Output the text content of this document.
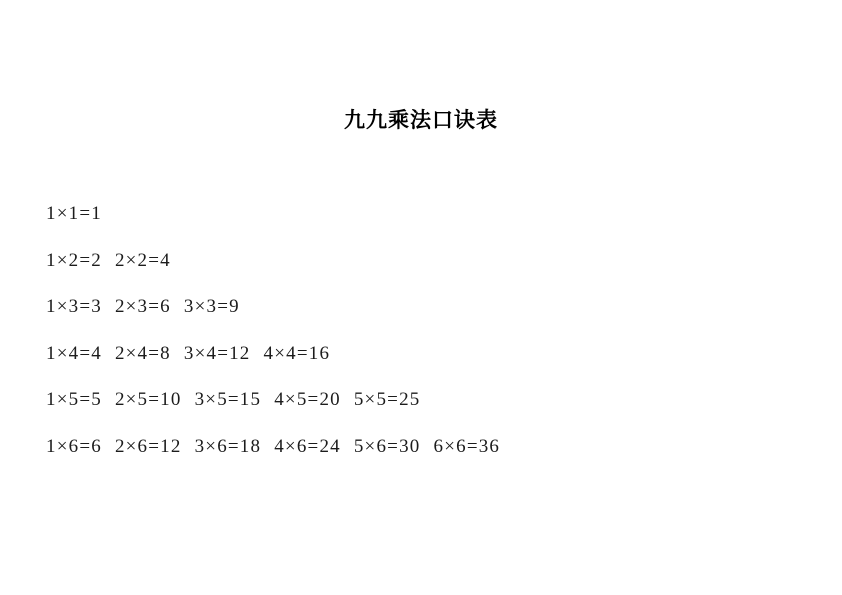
九九乘法口诀表
1×1=1
1×2=2 2×2=4
1×3=3 2×3=6 3×3=9
1×4=4 2×4=8 3×4=12 4×4=16
1×5=5 2×5=10 3×5=15 4×5=20 5×5=25
1×6=6 2×6=12 3×6=18 4×6=24 5×6=30 6×6=36
